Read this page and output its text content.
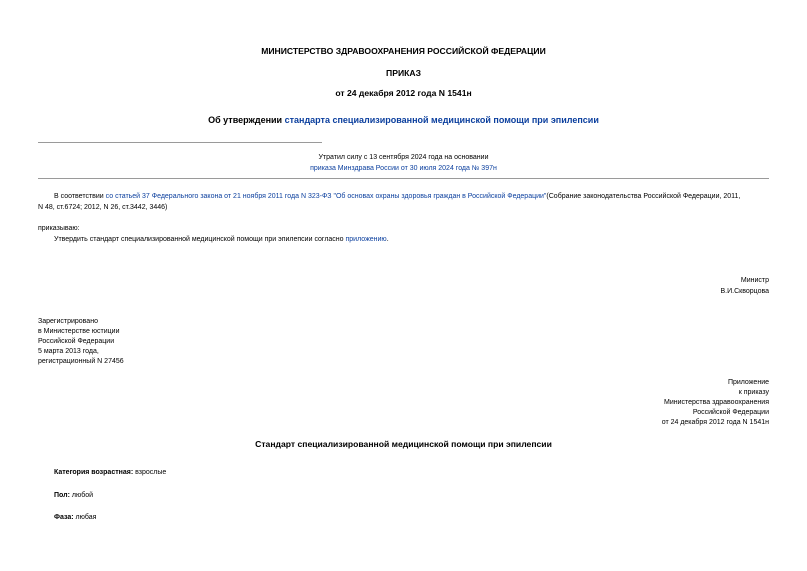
МИНИСТЕРСТВО ЗДРАВООХРАНЕНИЯ РОССИЙСКОЙ ФЕДЕРАЦИИ
ПРИКАЗ
от 24 декабря 2012 года N 1541н
Об утверждении стандарта специализированной медицинской помощи при эпилепсии
Утратил силу с 13 сентября 2024 года на основании
приказа Минздрава России от 30 июля 2024 года № 397н
В соответствии со статьей 37 Федерального закона от 21 ноября 2011 года N 323-ФЗ "Об основах охраны здоровья граждан в Российской Федерации"(Собрание законодательства Российской Федерации, 2011,
N 48, ст.6724; 2012, N 26, ст.3442, 3446)
приказываю:
Утвердить стандарт специализированной медицинской помощи при эпилепсии согласно приложению.
Министр
В.И.Скворцова
Зарегистрировано
в Министерстве юстиции
Российской Федерации
5 марта 2013 года,
регистрационный N 27456
Приложение
к приказу
Министерства здравоохранения
Российской Федерации
от 24 декабря 2012 года N 1541н
Стандарт специализированной медицинской помощи при эпилепсии
Категория возрастная: взрослые
Пол: любой
Фаза: любая
